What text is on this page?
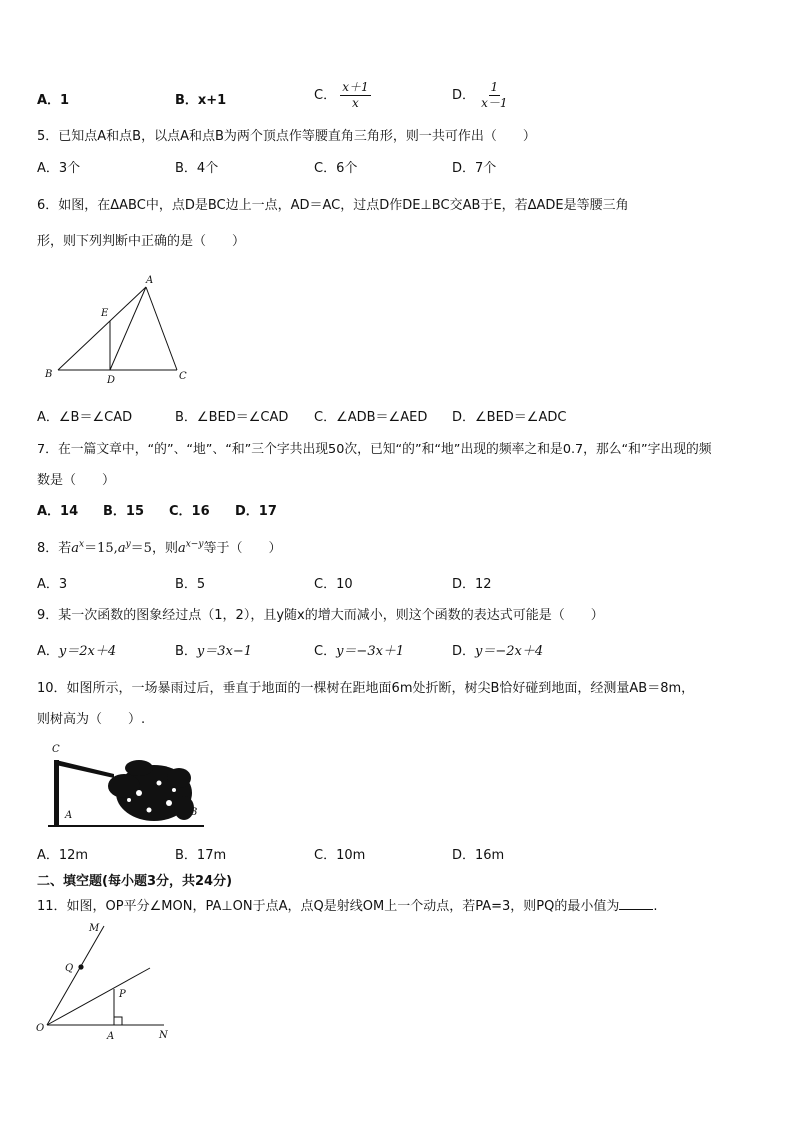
A．1	B．x+1	C． $\frac{x+1}{x}$	D． $\frac{1}{x-1}$
5．已知点A和点B，以点A和点B为两个顶点作等腰直角三角形，则一共可作出（　　）
A．3个	B．4个	C．6个	D．7个
6．如图，在ΔABC中，点D是BC边上一点，AD＝AC，过点D作DE⊥BC交AB于E，若ΔADE是等腰三角
形，则下列判断中正确的是（　　）
A
E
B
D	C
A．∠B＝∠CAD	B．∠BED＝∠CAD C．∠ADB＝∠AED D．∠BED＝∠ADC
7．在一篇文章中，“的”、“地”、“和”三个字共出现50次，已知“的”和“地”出现的频率之和是0.7，那么“和”字出现的频
数是（　　）
A．14 B．15 C．16 D．17
8．若$a^x=15,a^y=5$，则$a^{x-y}$等于（　　）
A．3	B．5	C．10	D．12
9．某一次函数的图象经过点（1，2），且y随x的增大而减小，则这个函数的表达式可能是（　　）
A．y＝2x＋4	B．y＝3x−1	C．y＝−3x＋1	D．y＝−2x＋4
10．如图所示，一场暴雨过后，垂直于地面的一棵树在距地面6m处折断，树尖B恰好碰到地面，经测量AB＝8m，
则树高为（　　）.
C
A	B
A．12m	B．17m	C．10m	D．16m
二、填空题(每小题3分，共24分)
11．如图，OP平分∠MON，PA⊥ON于点A，点Q是射线OM上一个动点，若PA=3，则PQ的最小值为	.
M
Q
P
O
A	N
